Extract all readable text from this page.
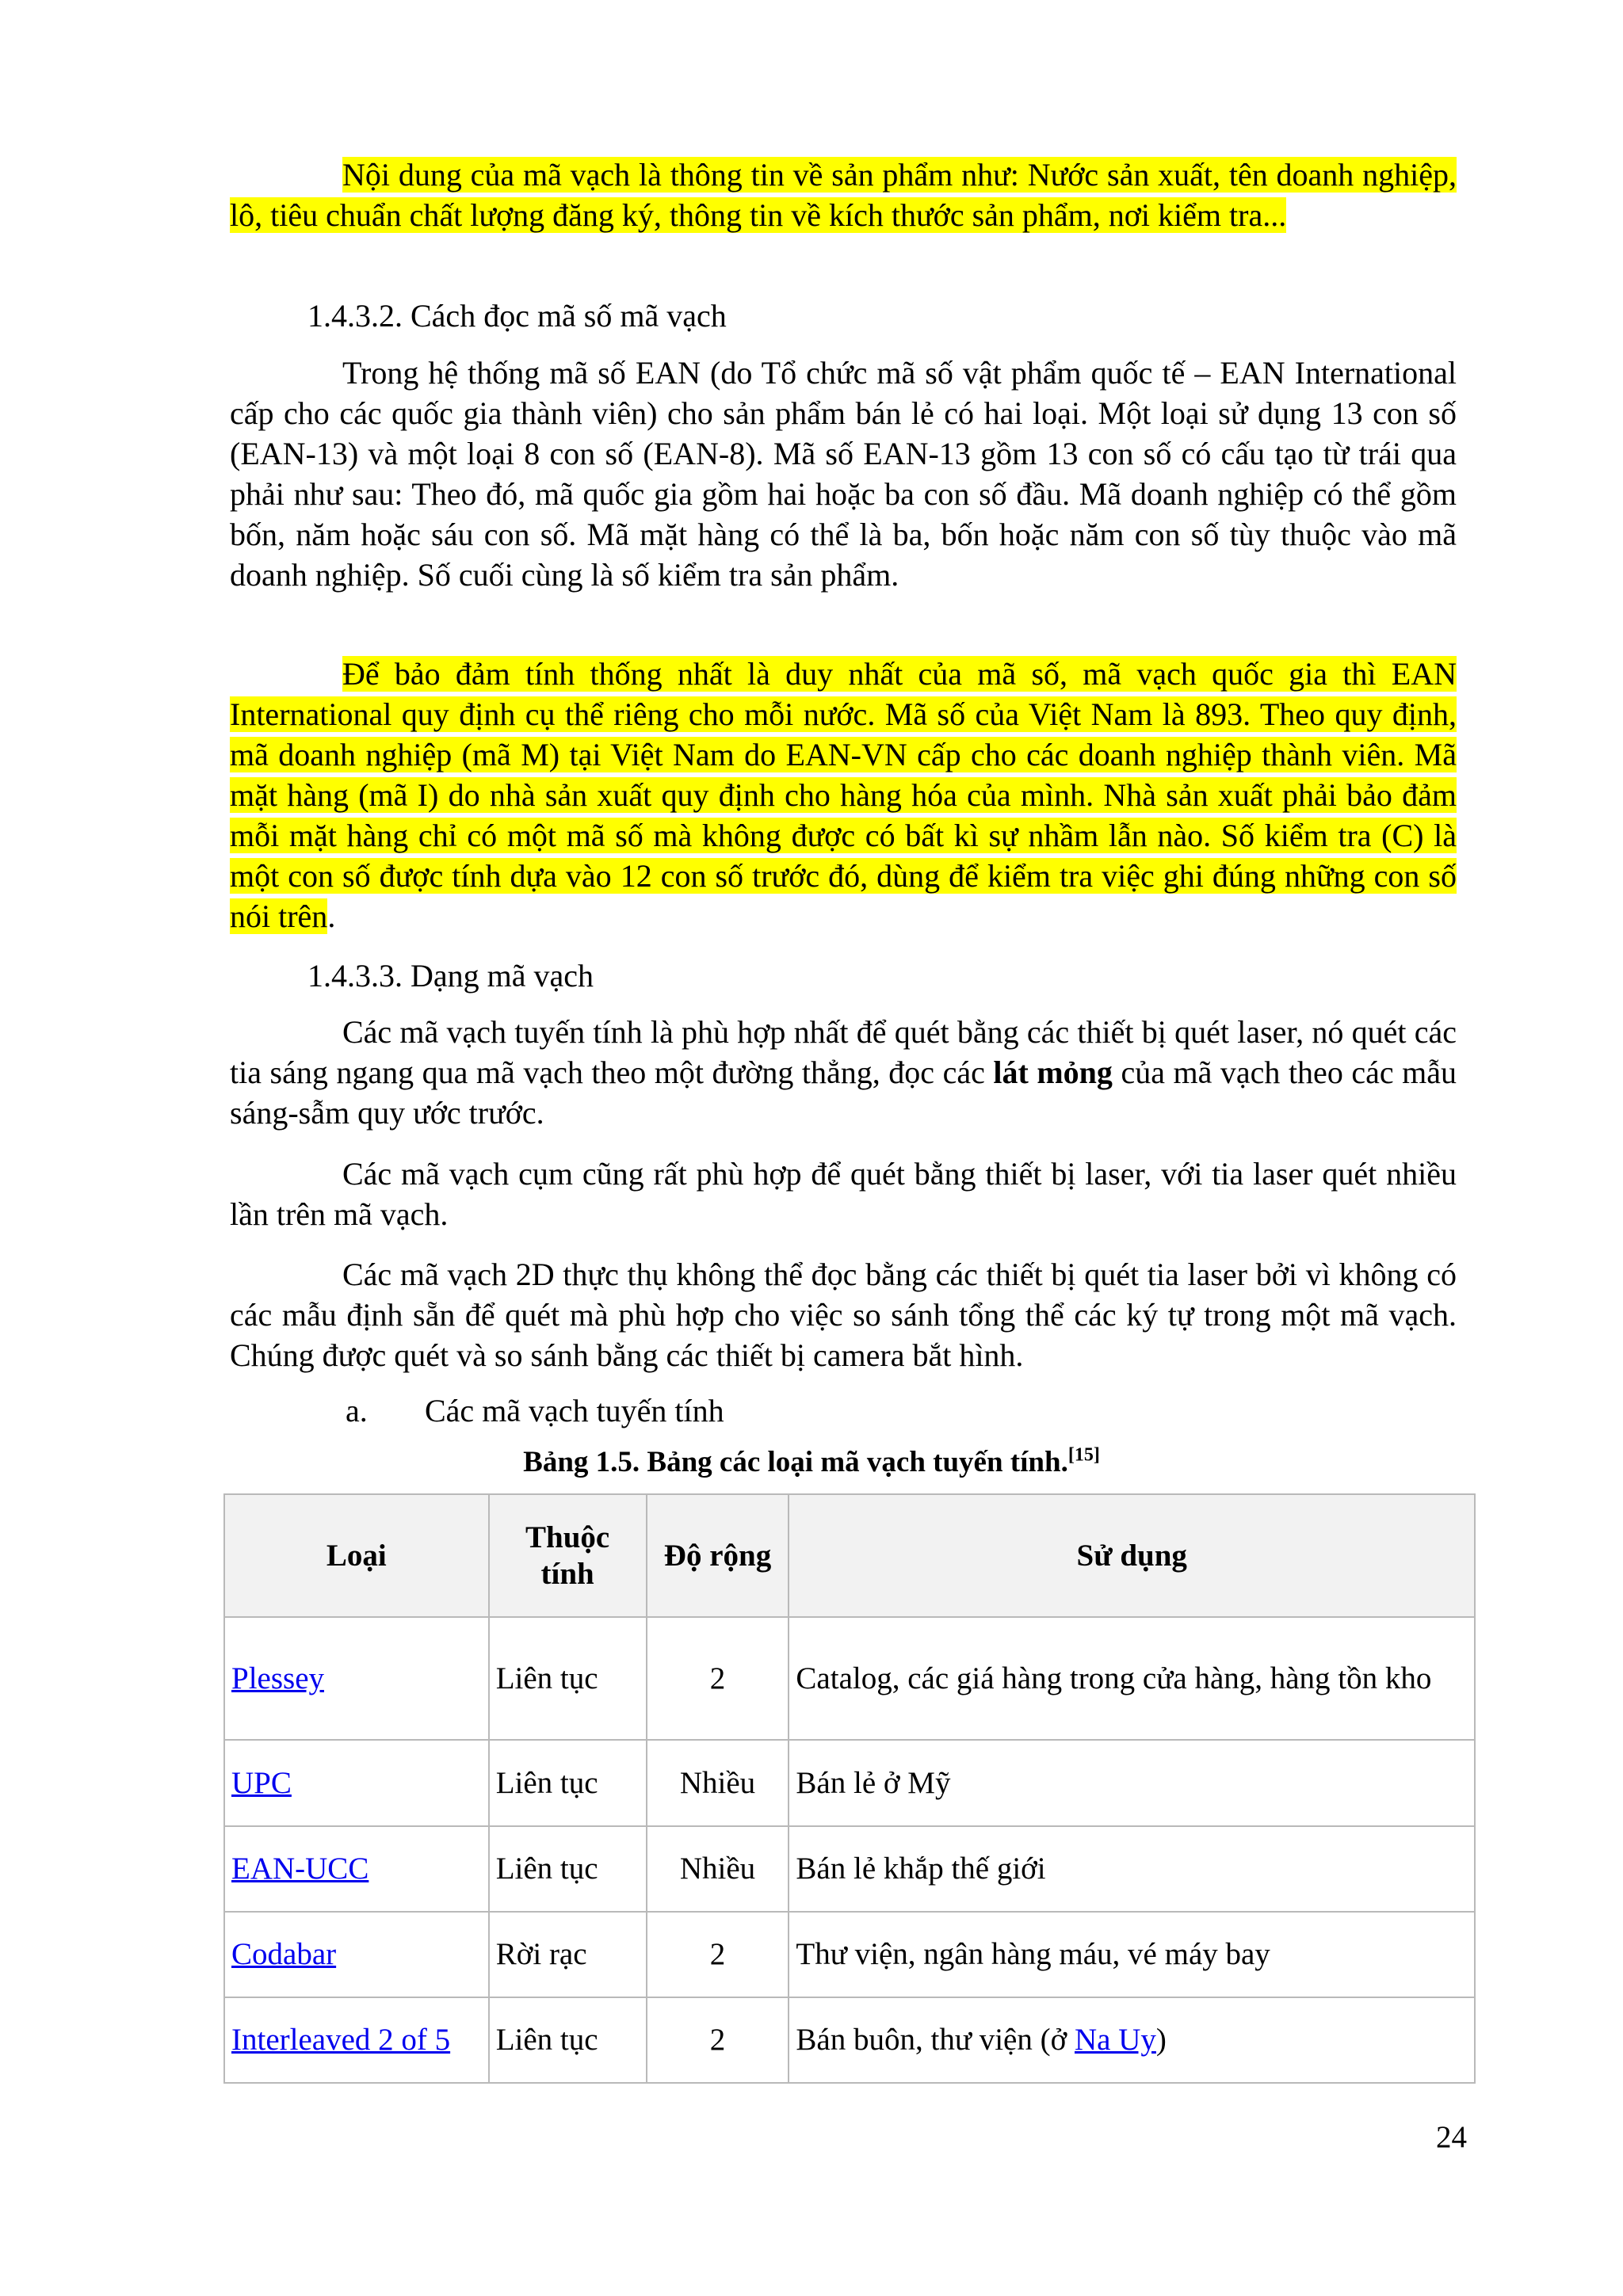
Nội dung của mã vạch là thông tin về sản phẩm như: Nước sản xuất, tên doanh nghiệp, lô, tiêu chuẩn chất lượng đăng ký, thông tin về kích thước sản phẩm, nơi kiểm tra...

1.4.3.2. Cách đọc mã số mã vạch

Trong hệ thống mã số EAN (do Tổ chức mã số vật phẩm quốc tế – EAN International cấp cho các quốc gia thành viên) cho sản phẩm bán lẻ có hai loại. Một loại sử dụng 13 con số (EAN-13) và một loại 8 con số (EAN-8). Mã số EAN-13 gồm 13 con số có cấu tạo từ trái qua phải như sau: Theo đó, mã quốc gia gồm hai hoặc ba con số đầu. Mã doanh nghiệp có thể gồm bốn, năm hoặc sáu con số. Mã mặt hàng có thể là ba, bốn hoặc năm con số tùy thuộc vào mã doanh nghiệp. Số cuối cùng là số kiểm tra sản phẩm.

Để bảo đảm tính thống nhất là duy nhất của mã số, mã vạch quốc gia thì EAN International quy định cụ thể riêng cho mỗi nước. Mã số của Việt Nam là 893. Theo quy định, mã doanh nghiệp (mã M) tại Việt Nam do EAN-VN cấp cho các doanh nghiệp thành viên. Mã mặt hàng (mã I) do nhà sản xuất quy định cho hàng hóa của mình. Nhà sản xuất phải bảo đảm mỗi mặt hàng chỉ có một mã số mà không được có bất kì sự nhầm lẫn nào. Số kiểm tra (C) là một con số được tính dựa vào 12 con số trước đó, dùng để kiểm tra việc ghi đúng những con số nói trên.

1.4.3.3. Dạng mã vạch

Các mã vạch tuyến tính là phù hợp nhất để quét bằng các thiết bị quét laser, nó quét các tia sáng ngang qua mã vạch theo một đường thẳng, đọc các lát mỏng của mã vạch theo các mẫu sáng-sẫm quy ước trước.

Các mã vạch cụm cũng rất phù hợp để quét bằng thiết bị laser, với tia laser quét nhiều lần trên mã vạch.

Các mã vạch 2D thực thụ không thể đọc bằng các thiết bị quét tia laser bởi vì không có các mẫu định sẵn để quét mà phù hợp cho việc so sánh tổng thể các ký tự trong một mã vạch. Chúng được quét và so sánh bằng các thiết bị camera bắt hình.

a. Các mã vạch tuyến tính
Bảng 1.5. Bảng các loại mã vạch tuyến tính.[15]
Loại	Thuộc tính	Độ rộng	Sử dụng
Plessey	Liên tục	2	Catalog, các giá hàng trong cửa hàng, hàng tồn kho
UPC	Liên tục	Nhiều	Bán lẻ ở Mỹ
EAN-UCC	Liên tục	Nhiều	Bán lẻ khắp thế giới
Codabar	Rời rạc	2	Thư viện, ngân hàng máu, vé máy bay
Interleaved 2 of 5	Liên tục	2	Bán buôn, thư viện (ở Na Uy)
24
